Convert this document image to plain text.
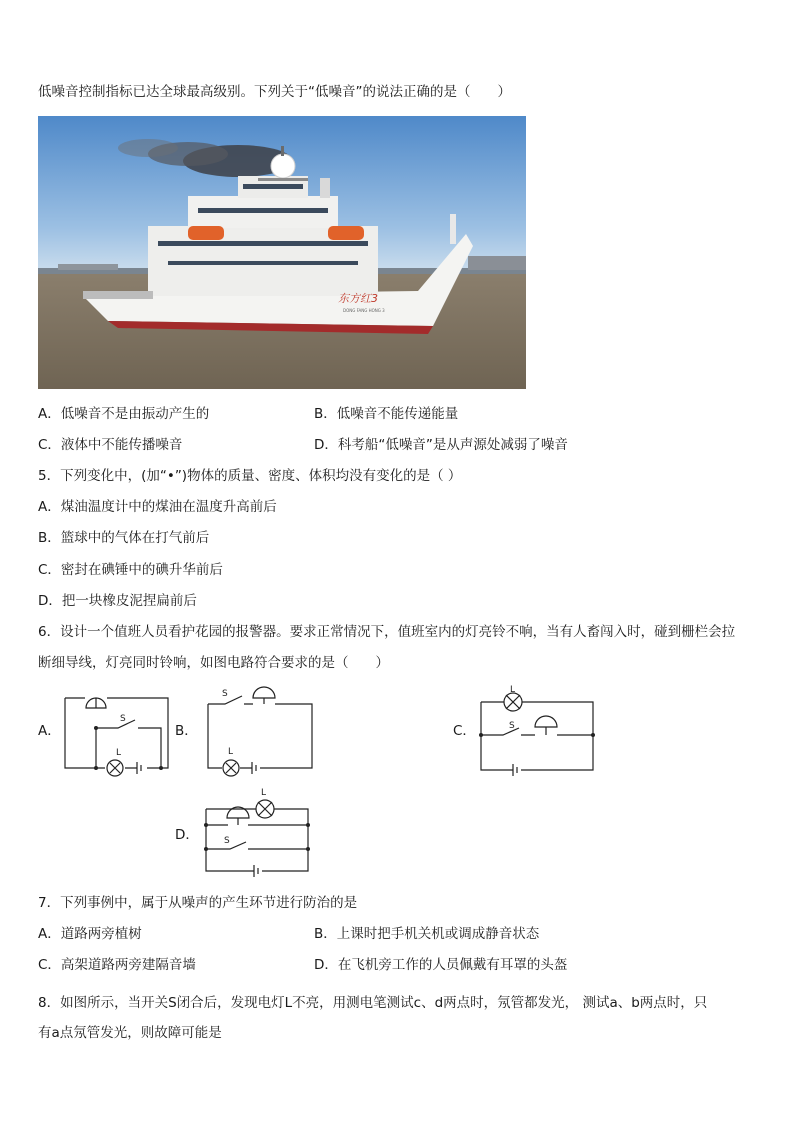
低噪音控制指标已达全球最高级别。下列关于“低噪音”的说法正确的是（　　）
东方红3
DONG FANG HONG 3
A．低噪音不是由振动产生的	B．低噪音不能传递能量
C．液体中不能传播噪音	D．科考船“低噪音”是从声源处减弱了噪音
5．下列变化中，(加“•”)物体的质量、密度、体积均没有变化的是（ ）
A．煤油温度计中的煤油在温度升高前后
B．篮球中的气体在打气前后
C．密封在碘锤中的碘升华前后
D．把一块橡皮泥捏扁前后
6．设计一个值班人员看护花园的报警器。要求正常情况下，值班室内的灯亮铃不响，当有人畜闯入时，碰到栅栏会拉
断细导线，灯亮同时铃响，如图电路符合要求的是（　　）
A．
S
L
B．
S
L
C．
L
S
D．
L
S
7．下列事例中，属于从噪声的产生环节进行防治的是
A．道路两旁植树	B．上课时把手机关机或调成静音状态
C．高架道路两旁建隔音墙	D．在飞机旁工作的人员佩戴有耳罩的头盔
8．如图所示，当开关S闭合后，发现电灯L不亮，用测电笔测试c、d两点时，氖管都发光， 测试a、b两点时，只
有a点氖管发光，则故障可能是
